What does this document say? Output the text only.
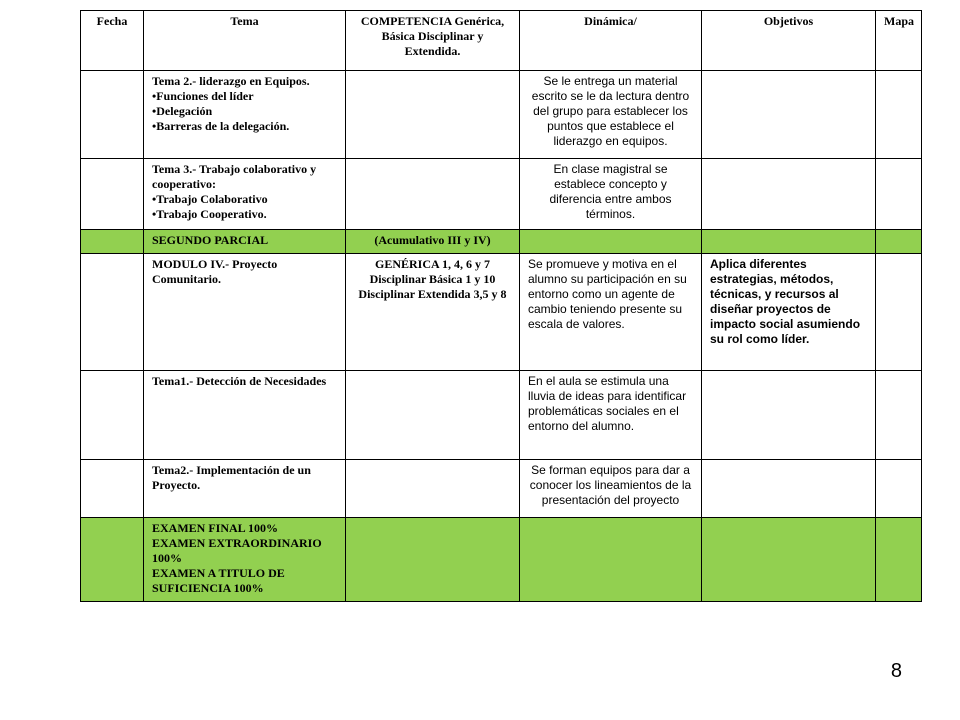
Fecha	Tema	COMPETENCIA Genérica, Básica Disciplinar y Extendida.	Dinámica/	Objetivos	Mapa

	Tema 2.- liderazgo en Equipos.
•Funciones del líder
•Delegación
•Barreras de la delegación.		Se le entrega un material escrito se le da lectura dentro del grupo para establecer los puntos que establece el liderazgo en equipos.		

	Tema 3.- Trabajo colaborativo y cooperativo:
•Trabajo Colaborativo
•Trabajo Cooperativo.		En clase magistral se establece concepto y diferencia entre ambos términos.		
	SEGUNDO PARCIAL	(Acumulativo III y IV)			

	MODULO IV.- Proyecto Comunitario.	GENÉRICA 1, 4, 6 y 7 Disciplinar Básica 1 y 10 Disciplinar Extendida 3,5 y 8	Se promueve y motiva en el alumno su participación en su entorno como un agente de cambio teniendo presente su escala de valores.	Aplica diferentes estrategias, métodos, técnicas, y recursos al diseñar proyectos de impacto social asumiendo su rol como líder.	

	Tema1.- Detección de Necesidades		En el aula se estimula una lluvia de ideas para identificar problemáticas sociales en el entorno del alumno.		

	Tema2.- Implementación de un Proyecto.		Se forman equipos para dar a conocer los lineamientos de la presentación del proyecto		

	EXAMEN FINAL 100%
EXAMEN EXTRAORDINARIO 100%
EXAMEN A TITULO DE SUFICIENCIA 100%				

8
